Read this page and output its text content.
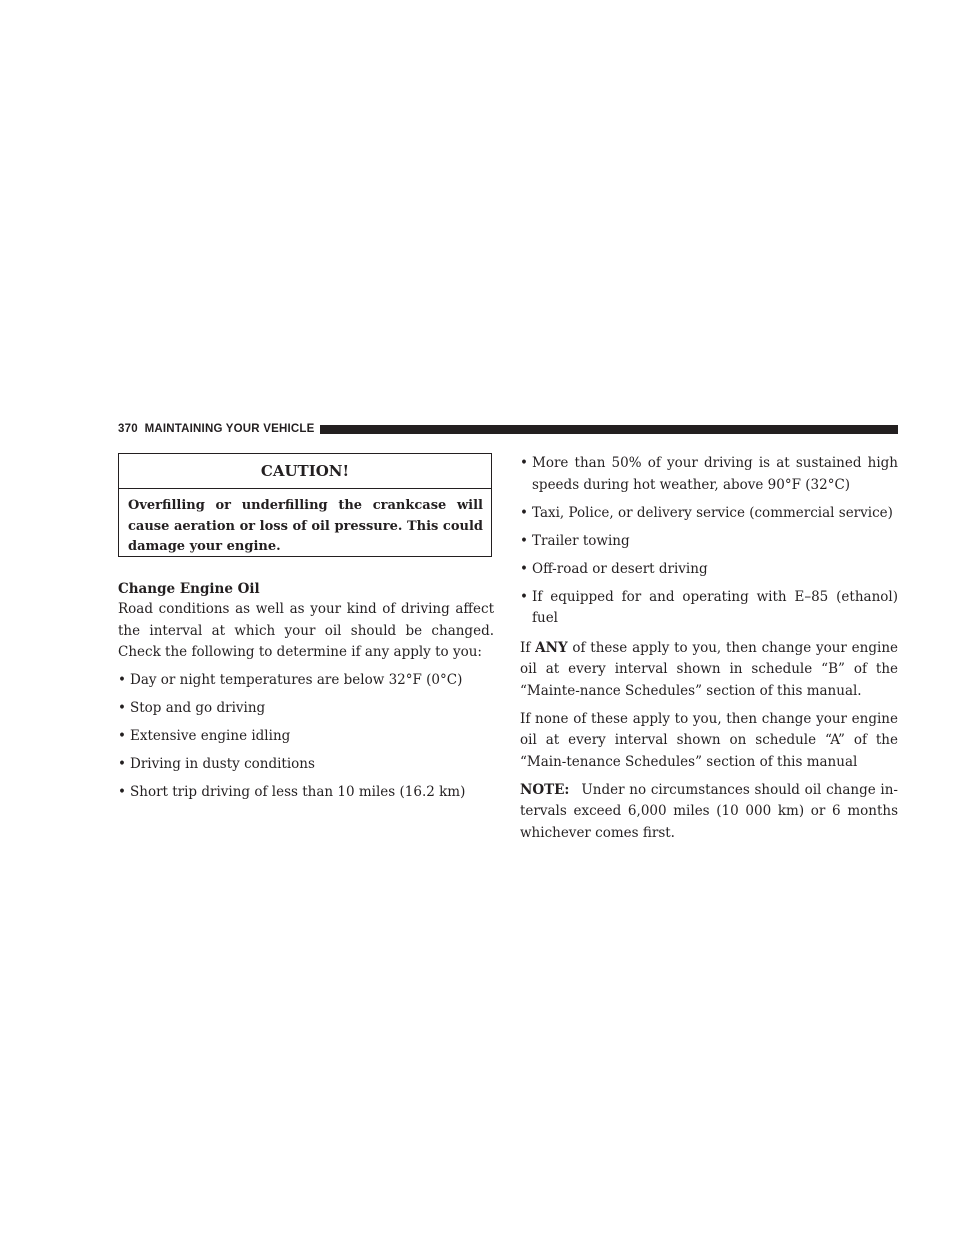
370 MAINTAINING YOUR VEHICLE
CAUTION!
Overfilling or underfilling the crankcase will cause aeration or loss of oil pressure. This could damage your engine.
Change Engine Oil

Road conditions as well as your kind of driving affect the interval at which your oil should be changed. Check the following to determine if any apply to you:

• Day or night temperatures are below 32°F (0°C)
• Stop and go driving
• Extensive engine idling
• Driving in dusty conditions
• Short trip driving of less than 10 miles (16.2 km)
• More than 50% of your driving is at sustained high speeds during hot weather, above 90°F (32°C)
• Taxi, Police, or delivery service (commercial service)
• Trailer towing
• Off-road or desert driving
• If equipped for and operating with E–85 (ethanol) fuel

If ANY of these apply to you, then change your engine oil at every interval shown in schedule “B” of the “Mainte-nance Schedules” section of this manual.

If none of these apply to you, then change your engine oil at every interval shown on schedule “A” of the “Main-tenance Schedules” section of this manual

NOTE: Under no circumstances should oil change in-tervals exceed 6,000 miles (10 000 km) or 6 months whichever comes first.
